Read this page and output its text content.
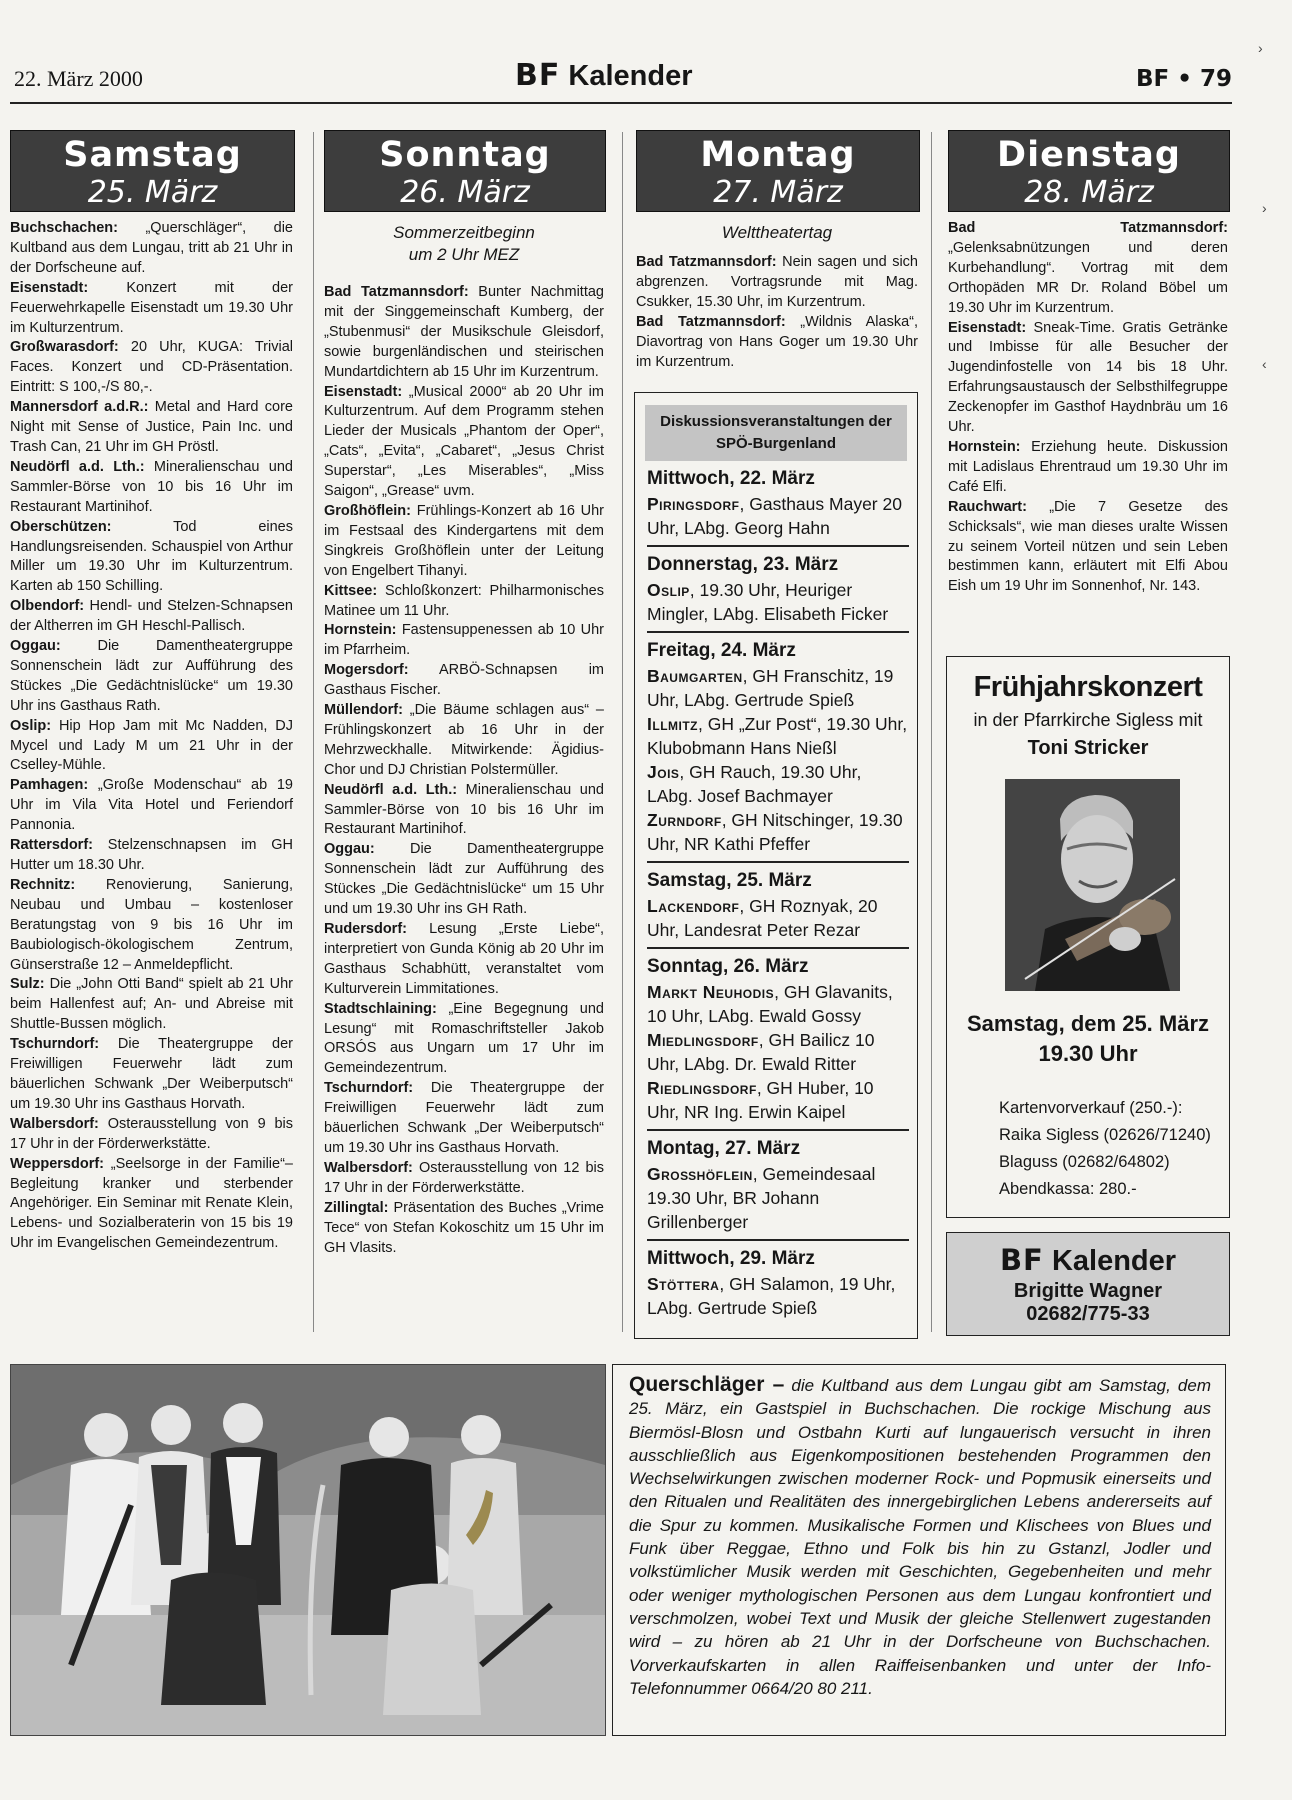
22. März 2000	BF Kalender	BF • 79
Samstag
25. März
Sonntag
26. März
Montag
27. März
Dienstag
28. März

Buchschachen: „Querschläger“, die Kultband aus dem Lungau, tritt ab 21 Uhr in der Dorfscheune auf.

Eisenstadt: Konzert mit der Feuerwehrkapelle Eisenstadt um 19.30 Uhr im Kulturzentrum.

Großwarasdorf: 20 Uhr, KUGA: Trivial Faces. Konzert und CD-Präsentation. Eintritt: S 100,-/S 80,-.

Mannersdorf a.d.R.: Metal and Hard core Night mit Sense of Justice, Pain Inc. und Trash Can, 21 Uhr im GH Pröstl.

Neudörfl a.d. Lth.: Mineralienschau und Sammler-Börse von 10 bis 16 Uhr im Restaurant Martinihof.

Oberschützen: Tod eines Handlungsreisenden. Schauspiel von Arthur Miller um 19.30 Uhr im Kulturzentrum. Karten ab 150 Schilling.

Olbendorf: Hendl- und Stelzen-Schnapsen der Altherren im GH Heschl-Pallisch.

Oggau: Die Damentheatergruppe Sonnenschein lädt zur Aufführung des Stückes „Die Gedächtnislücke“ um 19.30 Uhr ins Gasthaus Rath.

Oslip: Hip Hop Jam mit Mc Nadden, DJ Mycel und Lady M um 21 Uhr in der Cselley-Mühle.

Pamhagen: „Große Modenschau“ ab 19 Uhr im Vila Vita Hotel und Feriendorf Pannonia.

Rattersdorf: Stelzenschnapsen im GH Hutter um 18.30 Uhr.

Rechnitz: Renovierung, Sanierung, Neubau und Umbau – kostenloser Beratungstag von 9 bis 16 Uhr im Baubiologisch-ökologischem Zentrum, Günserstraße 12 – Anmeldepflicht.

Sulz: Die „John Otti Band“ spielt ab 21 Uhr beim Hallenfest auf; An- und Abreise mit Shuttle-Bussen möglich.

Tschurndorf: Die Theatergruppe der Freiwilligen Feuerwehr lädt zum bäuerlichen Schwank „Der Weiberputsch“ um 19.30 Uhr ins Gasthaus Horvath.

Walbersdorf: Osterausstellung von 9 bis 17 Uhr in der Förderwerkstätte.

Weppersdorf: „Seelsorge in der Familie“– Begleitung kranker und sterbender Angehöriger. Ein Seminar mit Renate Klein, Lebens- und Sozialberaterin von 15 bis 19 Uhr im Evangelischen Gemeindezentrum.

Sommerzeitbeginn
um 2 Uhr MEZ

Bad Tatzmannsdorf: Bunter Nachmittag mit der Singgemeinschaft Kumberg, der „Stubenmusi“ der Musikschule Gleisdorf, sowie burgenländischen und steirischen Mundartdichtern ab 15 Uhr im Kurzentrum.

Eisenstadt: „Musical 2000“ ab 20 Uhr im Kulturzentrum. Auf dem Programm stehen Lieder der Musicals „Phantom der Oper“, „Cats“, „Evita“, „Cabaret“, „Jesus Christ Superstar“, „Les Miserables“, „Miss Saigon“, „Grease“ uvm.

Großhöflein: Frühlings-Konzert ab 16 Uhr im Festsaal des Kindergartens mit dem Singkreis Großhöflein unter der Leitung von Engelbert Tihanyi.

Kittsee: Schloßkonzert: Philharmonisches Matinee um 11 Uhr.

Hornstein: Fastensuppenessen ab 10 Uhr im Pfarrheim.

Mogersdorf: ARBÖ-Schnapsen im Gasthaus Fischer.

Müllendorf: „Die Bäume schlagen aus“ – Frühlingskonzert ab 16 Uhr in der Mehrzweckhalle. Mitwirkende: Ägidius-Chor und DJ Christian Polstermüller.

Neudörfl a.d. Lth.: Mineralienschau und Sammler-Börse von 10 bis 16 Uhr im Restaurant Martinihof.

Oggau: Die Damentheatergruppe Sonnenschein lädt zur Aufführung des Stückes „Die Gedächtnislücke“ um 15 Uhr und um 19.30 Uhr ins GH Rath.

Rudersdorf: Lesung „Erste Liebe“, interpretiert von Gunda König ab 20 Uhr im Gasthaus Schabhütt, veranstaltet vom Kulturverein Limmitationes.

Stadtschlaining: „Eine Begegnung und Lesung“ mit Romaschriftsteller Jakob ORSÓS aus Ungarn um 17 Uhr im Gemeindezentrum.

Tschurndorf: Die Theatergruppe der Freiwilligen Feuerwehr lädt zum bäuerlichen Schwank „Der Weiberputsch“ um 19.30 Uhr ins Gasthaus Horvath.

Walbersdorf: Osterausstellung von 12 bis 17 Uhr in der Förderwerkstätte.

Zillingtal: Präsentation des Buches „Vrime Tece“ von Stefan Kokoschitz um 15 Uhr im GH Vlasits.

Welttheatertag

Bad Tatzmannsdorf: Nein sagen und sich abgrenzen. Vortragsrunde mit Mag. Csukker, 15.30 Uhr, im Kurzentrum.

Bad Tatzmannsdorf: „Wildnis Alaska“, Diavortrag von Hans Goger um 19.30 Uhr im Kurzentrum.

Diskussionsveranstaltungen der SPÖ-Burgenland
Mittwoch, 22. März
Piringsdorf, Gasthaus Mayer 20 Uhr, LAbg. Georg Hahn
Donnerstag, 23. März
Oslip, 19.30 Uhr, Heuriger Mingler, LAbg. Elisabeth Ficker
Freitag, 24. März
Baumgarten, GH Franschitz, 19 Uhr, LAbg. Gertrude Spieß
Illmitz, GH „Zur Post“, 19.30 Uhr, Klubobmann Hans Nießl
Jois, GH Rauch, 19.30 Uhr, LAbg. Josef Bachmayer
Zurndorf, GH Nitschinger, 19.30 Uhr, NR Kathi Pfeffer
Samstag, 25. März
Lackendorf, GH Roznyak, 20 Uhr, Landesrat Peter Rezar
Sonntag, 26. März
Markt Neuhodis, GH Glavanits, 10 Uhr, LAbg. Ewald Gossy
Miedlingsdorf, GH Bailicz 10 Uhr, LAbg. Dr. Ewald Ritter
Riedlingsdorf, GH Huber, 10 Uhr, NR Ing. Erwin Kaipel
Montag, 27. März
Großhöflein, Gemeindesaal 19.30 Uhr, BR Johann Grillenberger
Mittwoch, 29. März
Stöttera, GH Salamon, 19 Uhr, LAbg. Gertrude Spieß

Bad Tatzmannsdorf: „Gelenksabnützungen und deren Kurbehandlung“. Vortrag mit dem Orthopäden MR Dr. Roland Böbel um 19.30 Uhr im Kurzentrum.

Eisenstadt: Sneak-Time. Gratis Getränke und Imbisse für alle Besucher der Jugendinfostelle von 14 bis 18 Uhr. Erfahrungsaustausch der Selbsthilfegruppe Zeckenopfer im Gasthof Haydnbräu um 16 Uhr.

Hornstein: Erziehung heute. Diskussion mit Ladislaus Ehrentraud um 19.30 Uhr im Café Elfi.

Rauchwart: „Die 7 Gesetze des Schicksals“, wie man dieses uralte Wissen zu seinem Vorteil nützen und sein Leben bestimmen kann, erläutert mit Elfi Abou Eish um 19 Uhr im Sonnenhof, Nr. 143.

Frühjahrskonzert
in der Pfarrkirche Sigless mit
Toni Stricker
Samstag, dem 25. März
19.30 Uhr
Kartenvorverkauf (250.-):
Raika Sigless (02626/71240)
Blaguss (02682/64802)
Abendkassa: 280.-
BF Kalender
Brigitte Wagner
02682/775-33
Querschläger – die Kultband aus dem Lungau gibt am Samstag, dem 25. März, ein Gastspiel in Buchschachen. Die rockige Mischung aus Biermösl-Blosn und Ostbahn Kurti auf lungauerisch versucht in ihren ausschließlich aus Eigenkompositionen bestehenden Programmen den Wechselwirkungen zwischen moderner Rock- und Popmusik einerseits und den Ritualen und Realitäten des innergebirglichen Lebens andererseits auf die Spur zu kommen. Musikalische Formen und Klischees von Blues und Funk über Reggae, Ethno und Folk bis hin zu Gstanzl, Jodler und volkstümlicher Musik werden mit Geschichten, Gegebenheiten und mehr oder weniger mythologischen Personen aus dem Lungau konfrontiert und verschmolzen, wobei Text und Musik der gleiche Stellenwert zugestanden wird – zu hören ab 21 Uhr in der Dorfscheune von Buchschachen. Vorverkaufskarten in allen Raiffeisenbanken und unter der Info-Telefonnummer 0664/20 80 211.
›
›
‹
